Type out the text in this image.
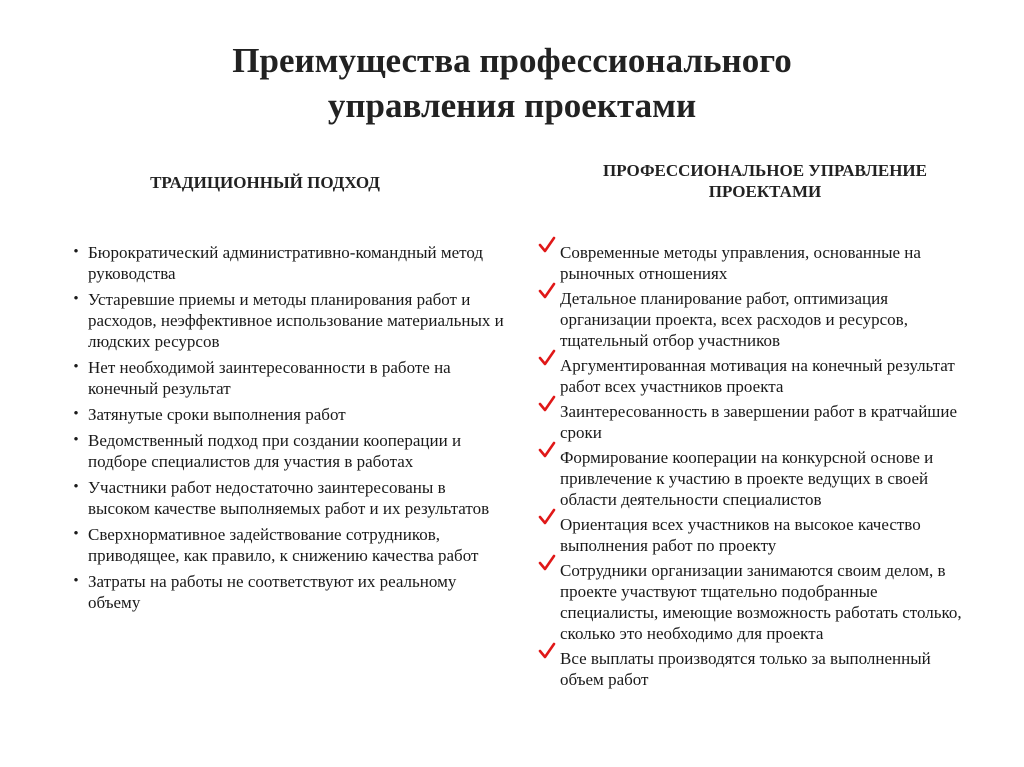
Преимущества профессионального
управления проектами
ТРАДИЦИОННЫЙ ПОДХОД
ПРОФЕССИОНАЛЬНОЕ УПРАВЛЕНИЕ
ПРОЕКТАМИ
• Бюрократический административно-командный метод руководства
• Устаревшие приемы и методы планирования работ и расходов, неэффективное использование материальных и людских ресурсов
• Нет необходимой заинтересованности в работе на конечный результат
• Затянутые сроки выполнения работ
• Ведомственный подход при создании кооперации и подборе специалистов для участия в работах
• Участники работ недостаточно заинтересованы в высоком качестве выполняемых работ и их результатов
• Сверхнормативное задействование сотрудников, приводящее, как правило, к снижению качества работ
• Затраты на работы не соответствуют их реальному объему
Современные методы управления, основанные на рыночных отношениях
Детальное планирование работ, оптимизация организации проекта, всех расходов и ресурсов, тщательный отбор участников
Аргументированная мотивация на конечный результат работ всех участников проекта
Заинтересованность в завершении работ в кратчайшие сроки
Формирование кооперации на конкурсной основе и привлечение к участию в проекте ведущих в своей области деятельности специалистов
Ориентация всех участников на высокое качество выполнения работ по проекту
Сотрудники организации занимаются своим делом, в проекте участвуют тщательно подобранные специалисты, имеющие возможность работать столько, сколько это необходимо для проекта
Все выплаты производятся только за выполненный объем работ
